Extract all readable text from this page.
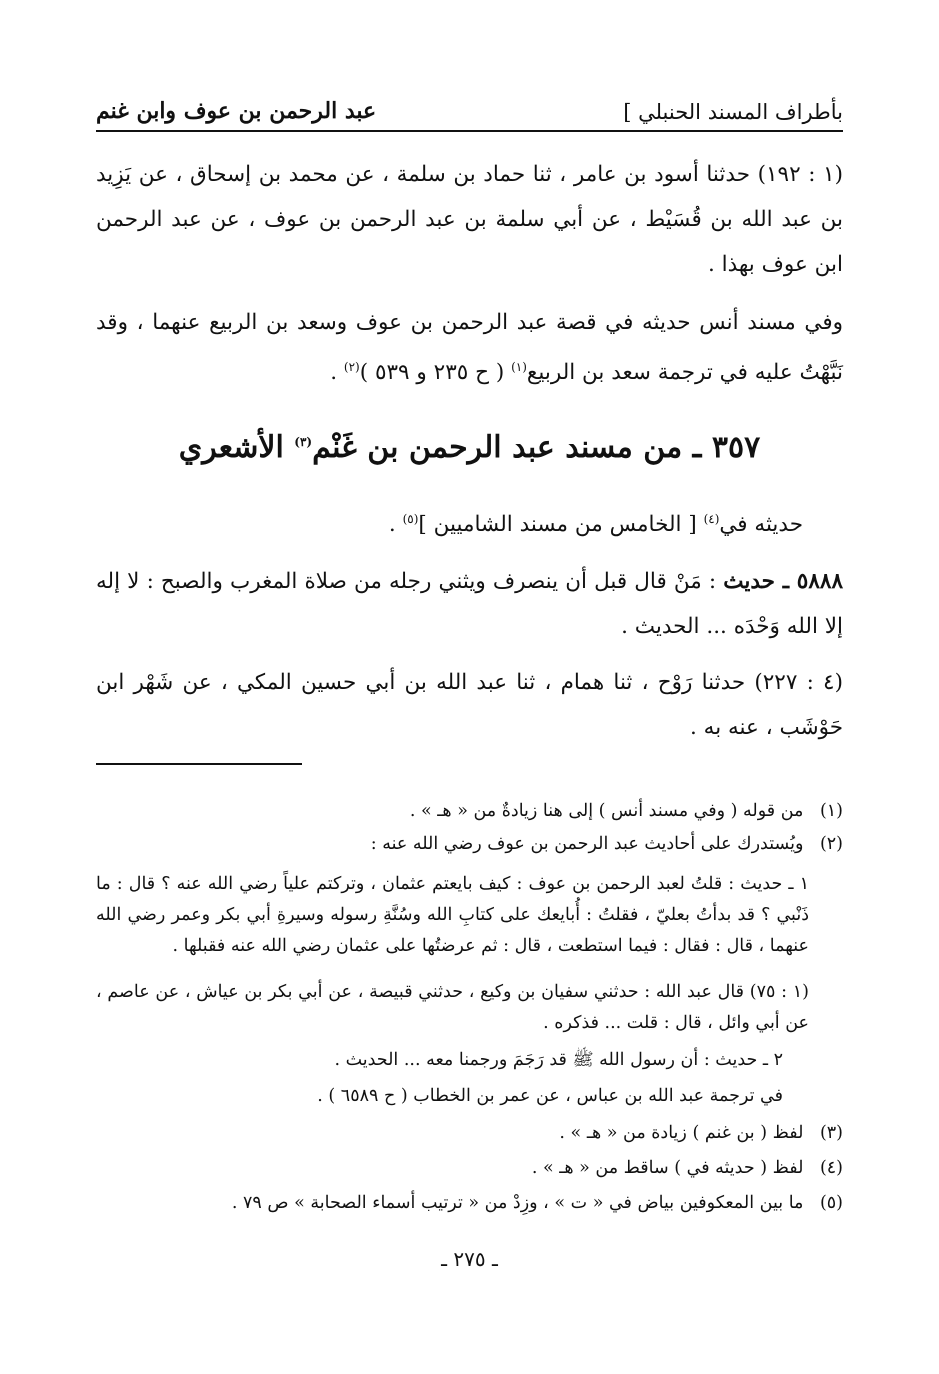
بأطراف المسند الحنبلي ]
عبد الرحمن بن عوف وابن غنم
(١ : ١٩٢) حدثنا أسود بن عامر ، ثنا حماد بن سلمة ، عن محمد بن إسحاق ، عن يَزِيد بن عبد الله بن قُسَيْط ، عن أبي سلمة بن عبد الرحمن بن عوف ، عن عبد الرحمن ابن عوف بهذا .
وفي مسند أنس حديثه في قصة عبد الرحمن بن عوف وسعد بن الربيع عنهما ، وقد نَبَّهْتُ عليه في ترجمة سعد بن الربيع$^{(١)}$ ( ح ٢٣٥ و ٥٣٩ )$^{(٢)}$ .
٣٥٧ ـ من مسند عبد الرحمن بن غَنْم$^{(٣)}$ الأشعري
حديثه في$^{(٤)}$ [ الخامس من مسند الشاميين ]$^{(٥)}$ .
٥٨٨٨ ـ حديث : مَنْ قال قبل أن ينصرف ويثني رجله من صلاة المغرب والصبح : لا إله إلا الله وَحْدَه ... الحديث .
(٤ : ٢٢٧) حدثنا رَوْح ، ثنا همام ، ثنا عبد الله بن أبي حسين المكي ، عن شَهْر ابن حَوْشَب ، عنه به .
(١) من قوله ( وفي مسند أنس ) إلى هنا زيادةٌ من « هـ » .
(٢) ويُستدرك على أحاديث عبد الرحمن بن عوف رضي الله عنه :
١ ـ حديث : قلتُ لعبد الرحمن بن عوف : كيف بايعتم عثمان ، وتركتم علياً رضي الله عنه ؟ قال : ما ذَنْبي ؟ قد بدأتُ بعليّ ، فقلتُ : أُبايعك على كتابِ الله وسُنَّةِ رسوله وسيرةِ أبي بكر وعمر رضي الله عنهما ، قال : فقال : فيما استطعت ، قال : ثم عرضتُها على عثمان رضي الله عنه فقبلها .
(١ : ٧٥) قال عبد الله : حدثني سفيان بن وكيع ، حدثني قبيصة ، عن أبي بكر بن عياش ، عن عاصم ، عن أبي وائل ، قال : قلت ... فذكره .
٢ ـ حديث : أن رسول الله ﷺ قد رَجَمَ ورجمنا معه ... الحديث .
في ترجمة عبد الله بن عباس ، عن عمر بن الخطاب ( ح ٦٥٨٩ ) .
(٣) لفظ ( بن غنم ) زيادة من « هـ » .
(٤) لفظ ( حديثه في ) ساقط من « هـ » .
(٥) ما بين المعكوفين بياض في « ت » ، وزِدْ من « ترتيب أسماء الصحابة » ص ٧٩ .
ـ ٢٧٥ ـ
